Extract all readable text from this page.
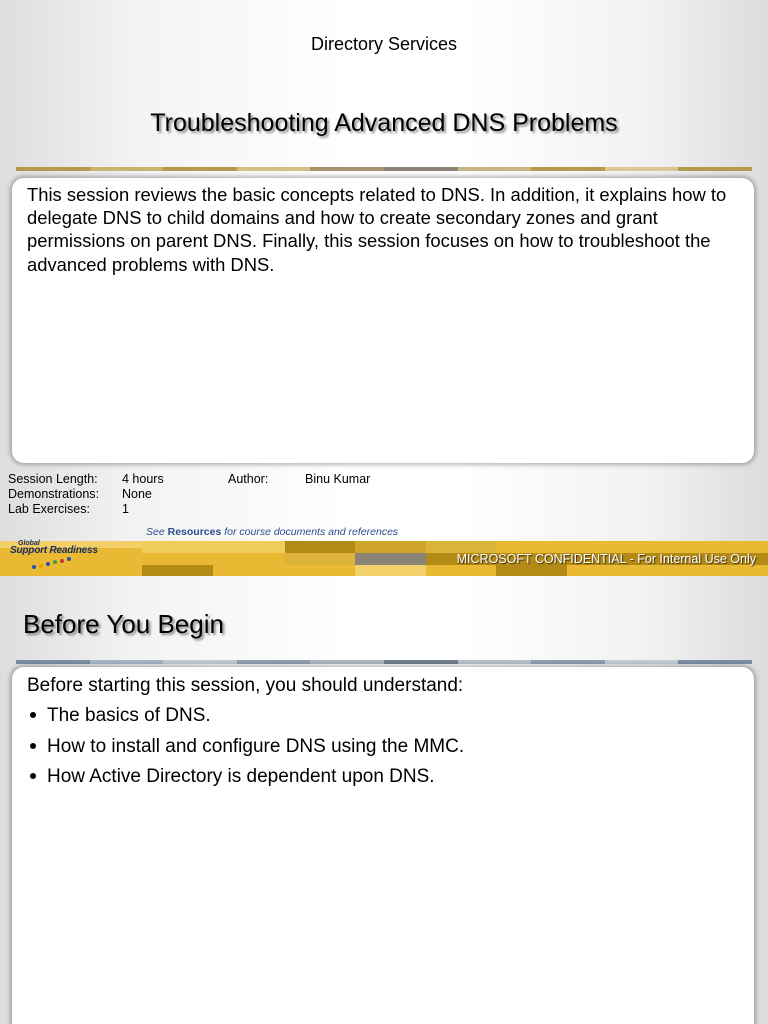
Directory Services
Troubleshooting Advanced DNS Problems
This session reviews the basic concepts related to DNS. In addition, it explains how to delegate DNS to child domains and how to create secondary zones and grant permissions on parent DNS. Finally, this session focuses on how to troubleshoot the advanced problems with DNS.
Session Length: 4 hours	Author:	Binu Kumar
Demonstrations: None
Lab Exercises:	1
See Resources for course documents and references
Global
Support Readiness
MICROSOFT CONFIDENTIAL - For Internal Use Only
Before You Begin
Before starting this session, you should understand:
The basics of DNS.
How to install and configure DNS using the MMC.
How Active Directory is dependent upon DNS.
